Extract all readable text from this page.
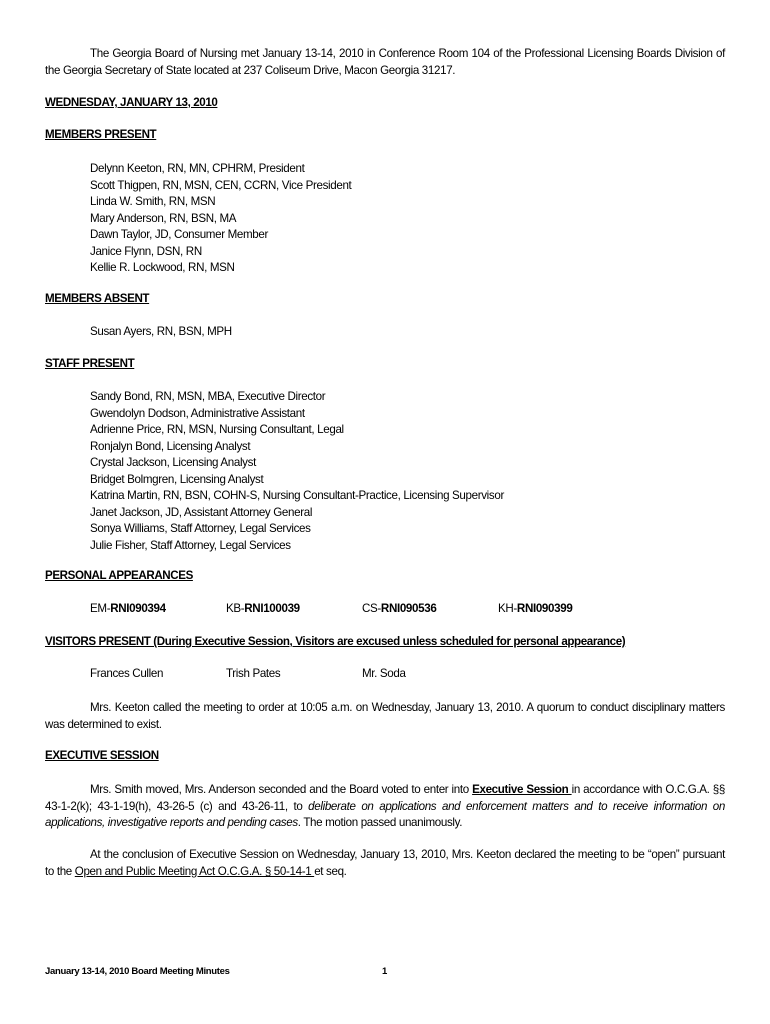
The Georgia Board of Nursing met January 13-14, 2010 in Conference Room 104 of the Professional Licensing Boards Division of the Georgia Secretary of State located at 237 Coliseum Drive, Macon Georgia 31217.
WEDNESDAY, JANUARY 13, 2010
MEMBERS PRESENT
Delynn Keeton, RN, MN, CPHRM, President
Scott Thigpen, RN, MSN, CEN, CCRN, Vice President
Linda W. Smith, RN, MSN
Mary Anderson, RN, BSN, MA
Dawn Taylor, JD, Consumer Member
Janice Flynn, DSN, RN
Kellie R. Lockwood, RN, MSN
MEMBERS ABSENT
Susan Ayers, RN, BSN, MPH
STAFF PRESENT
Sandy Bond, RN, MSN, MBA, Executive Director
Gwendolyn Dodson, Administrative Assistant
Adrienne Price, RN, MSN, Nursing Consultant, Legal
Ronjalyn Bond, Licensing Analyst
Crystal Jackson, Licensing Analyst
Bridget Bolmgren, Licensing Analyst
Katrina Martin, RN, BSN, COHN-S, Nursing Consultant-Practice, Licensing Supervisor
Janet Jackson, JD, Assistant Attorney General
Sonya Williams, Staff Attorney, Legal Services
Julie Fisher, Staff Attorney, Legal Services
PERSONAL APPEARANCES
EM-RNI090394	KB-RNI100039	CS-RNI090536	KH-RNI090399
VISITORS PRESENT (During Executive Session, Visitors are excused unless scheduled for personal appearance)
Frances Cullen	Trish Pates	Mr. Soda
Mrs. Keeton called the meeting to order at 10:05 a.m. on Wednesday, January 13, 2010. A quorum to conduct disciplinary matters was determined to exist.
EXECUTIVE SESSION
Mrs. Smith moved, Mrs. Anderson seconded and the Board voted to enter into Executive Session in accordance with O.C.G.A. §§ 43-1-2(k); 43-1-19(h), 43-26-5 (c) and 43-26-11, to deliberate on applications and enforcement matters and to receive information on applications, investigative reports and pending cases. The motion passed unanimously.
At the conclusion of Executive Session on Wednesday, January 13, 2010, Mrs. Keeton declared the meeting to be “open” pursuant to the Open and Public Meeting Act O.C.G.A. § 50-14-1 et seq.
January 13-14, 2010 Board Meeting Minutes	1
